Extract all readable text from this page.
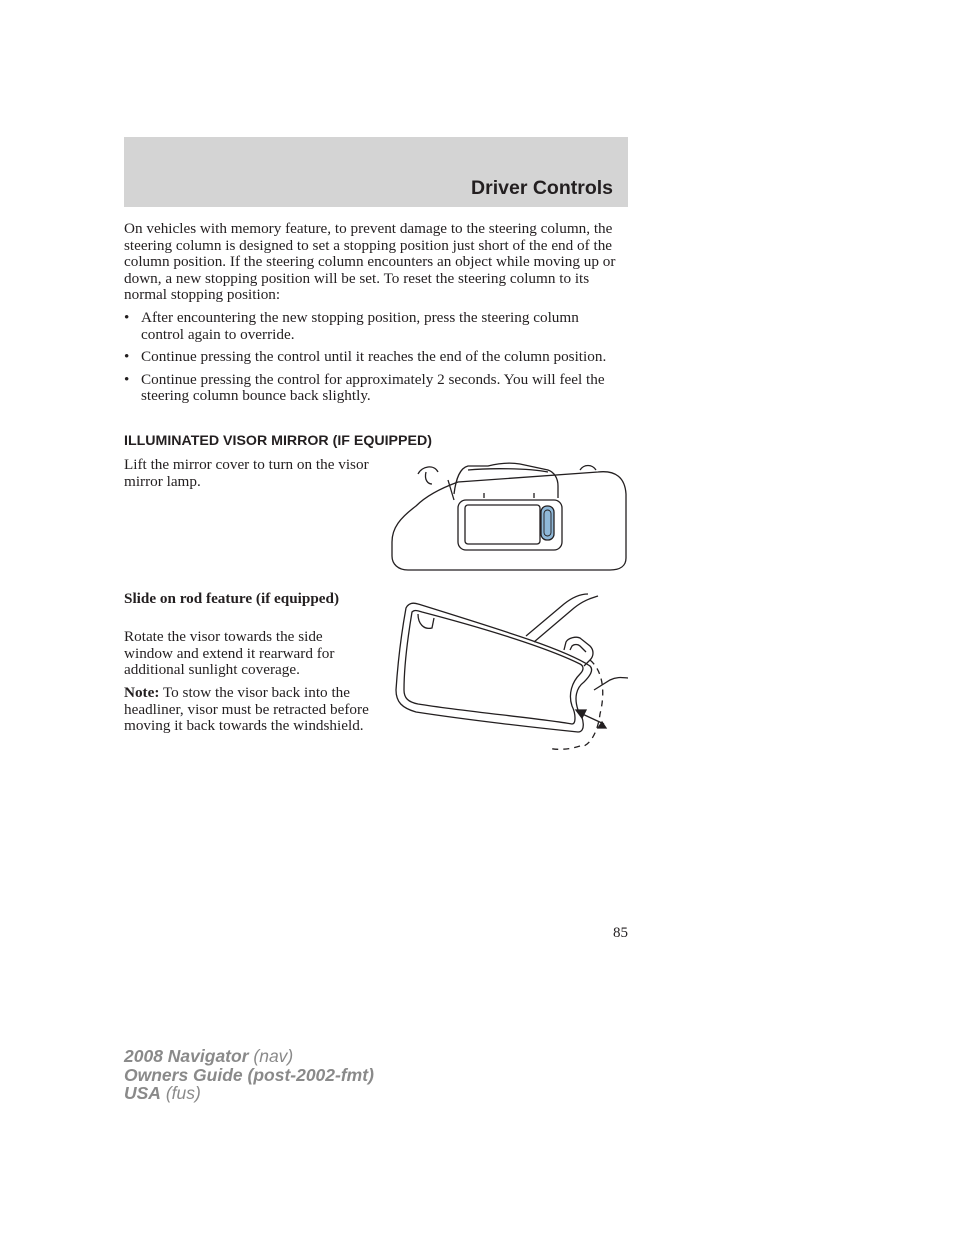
Driver Controls
On vehicles with memory feature, to prevent damage to the steering column, the steering column is designed to set a stopping position just short of the end of the column position. If the steering column encounters an object while moving up or down, a new stopping position will be set. To reset the steering column to its normal stopping position:
• After encountering the new stopping position, press the steering column control again to override.
• Continue pressing the control until it reaches the end of the column position.
• Continue pressing the control for approximately 2 seconds. You will feel the steering column bounce back slightly.
ILLUMINATED VISOR MIRROR (IF EQUIPPED)
Lift the mirror cover to turn on the visor mirror lamp.
Slide on rod feature (if equipped)
Rotate the visor towards the side window and extend it rearward for additional sunlight coverage.
Note: To stow the visor back into the headliner, visor must be retracted before moving it back towards the windshield.
85
2008 Navigator (nav)
Owners Guide (post-2002-fmt)
USA (fus)
